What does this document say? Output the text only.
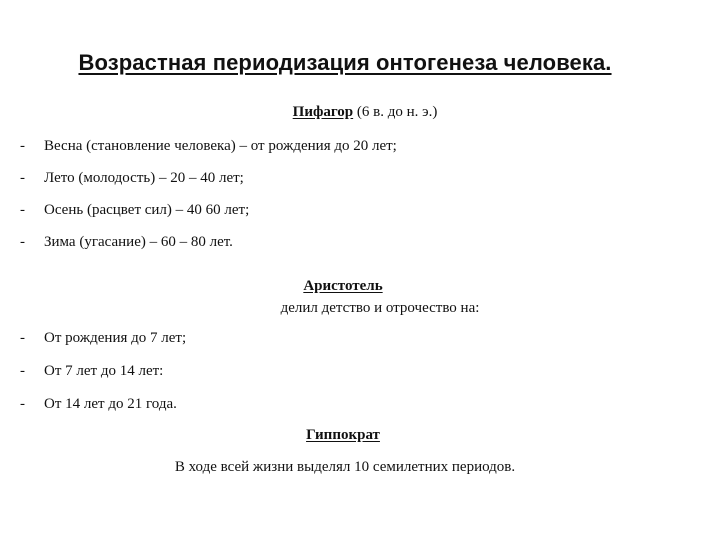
Возрастная периодизация онтогенеза человека.
Пифагор (6 в. до н. э.)
- Весна (становление человека) – от рождения до 20 лет;
- Лето (молодость) – 20 – 40 лет;
- Осень (расцвет сил) – 40 60 лет;
- Зима (угасание) – 60 – 80 лет.
Аристотель
делил детство и отрочество на:
- От рождения до 7 лет;
- От 7 лет до 14 лет:
- От 14 лет до 21 года.
Гиппократ
В ходе всей жизни выделял 10 семилетних периодов.
